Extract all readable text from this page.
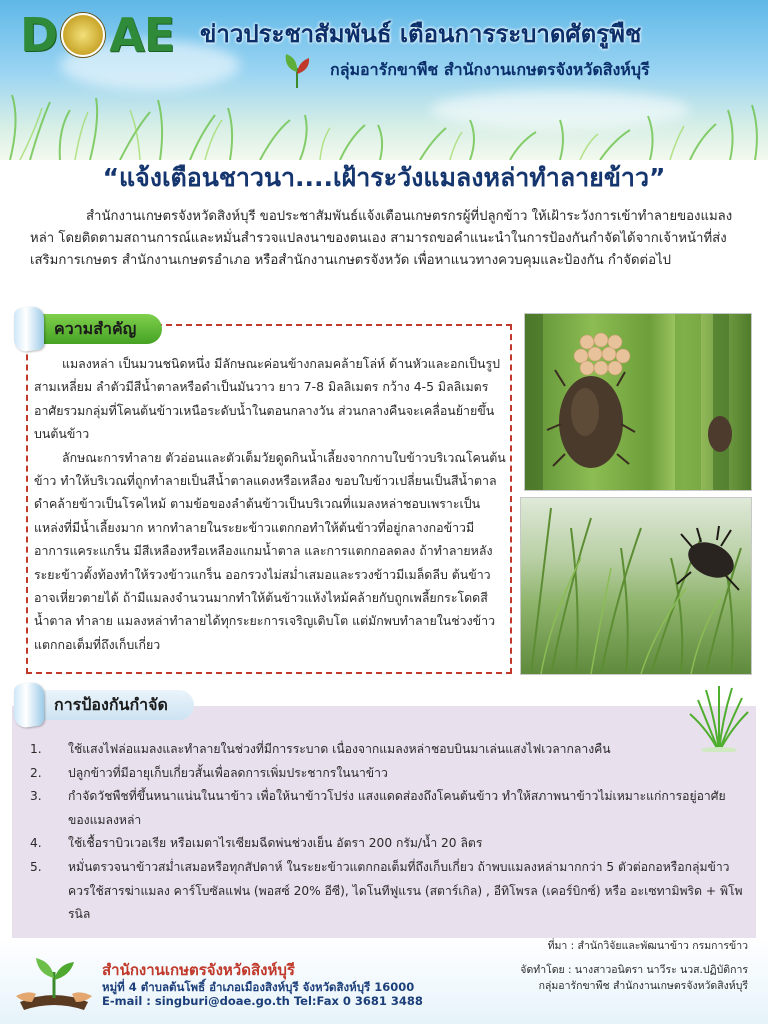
D AE ข่าวประชาสัมพันธ์ เตือนการระบาดศัตรูพืช
กลุ่มอารักขาพืช สำนักงานเกษตรจังหวัดสิงห์บุรี
“แจ้งเตือนชาวนา....เฝ้าระวังแมลงหล่าทำลายข้าว”

สำนักงานเกษตรจังหวัดสิงห์บุรี ขอประชาสัมพันธ์แจ้งเตือนเกษตรกรผู้ที่ปลูกข้าว ให้เฝ้าระวังการเข้าทำลายของแมลงหล่า โดยติดตามสถานการณ์และหมั่นสำรวจแปลงนาของตนเอง สามารถขอคำแนะนำในการป้องกันกำจัดได้จากเจ้าหน้าที่ส่งเสริมการเกษตร สำนักงานเกษตรอำเภอ หรือสำนักงานเกษตรจังหวัด เพื่อหาแนวทางควบคุมและป้องกัน กำจัดต่อไป

ความสำคัญ

แมลงหล่า เป็นมวนชนิดหนึ่ง มีลักษณะค่อนข้างกลมคล้ายโล่ห์ ด้านหัวและอกเป็นรูปสามเหลี่ยม ลำตัวมีสีน้ำตาลหรือดำเป็นมันวาว ยาว 7-8 มิลลิเมตร กว้าง 4-5 มิลลิเมตร อาศัยรวมกลุ่มที่โคนต้นข้าวเหนือระดับน้ำในตอนกลางวัน ส่วนกลางคืนจะเคลื่อนย้ายขึ้นบนต้นข้าว

ลักษณะการทำลาย ตัวอ่อนและตัวเต็มวัยดูดกินน้ำเลี้ยงจากกาบใบข้าวบริเวณโคนต้นข้าว ทำให้บริเวณที่ถูกทำลายเป็นสีน้ำตาลแดงหรือเหลือง ขอบใบข้าวเปลี่ยนเป็นสีน้ำตาลดำคล้ายข้าวเป็นโรคไหม้ ตามข้อของลำต้นข้าวเป็นบริเวณที่แมลงหล่าชอบเพราะเป็นแหล่งที่มีน้ำเลี้ยงมาก หากทำลายในระยะข้าวแตกกอทำให้ต้นข้าวที่อยู่กลางกอข้าวมีอาการแคระแกร็น มีสีเหลืองหรือเหลืองแกมน้ำตาล และการแตกกอลดลง ถ้าทำลายหลังระยะข้าวตั้งท้องทำให้รวงข้าวแกร็น ออกรวงไม่สม่ำเสมอและรวงข้าวมีเมล็ดลีบ ต้นข้าวอาจเหี่ยวตายได้ ถ้ามีแมลงจำนวนมากทำให้ต้นข้าวแห้งไหม้คล้ายกับถูกเพลี้ยกระโดดสีน้ำตาล ทำลาย แมลงหล่าทำลายได้ทุกระยะการเจริญเติบโต แต่มักพบทำลายในช่วงข้าวแตกกอเต็มที่ถึงเก็บเกี่ยว

การป้องกันกำจัด
1.	ใช้แสงไฟล่อแมลงและทำลายในช่วงที่มีการระบาด เนื่องจากแมลงหล่าชอบบินมาเล่นแสงไฟเวลากลางคืน
2.	ปลูกข้าวที่มีอายุเก็บเกี่ยวสั้นเพื่อลดการเพิ่มประชากรในนาข้าว
3.	กำจัดวัชพืชที่ขึ้นหนาแน่นในนาข้าว เพื่อให้นาข้าวโปร่ง แสงแดดส่องถึงโคนต้นข้าว ทำให้สภาพนาข้าวไม่เหมาะแก่การอยู่อาศัยของแมลงหล่า
4.	ใช้เชื้อราบิวเวอเรีย หรือเมตาไรเซียมฉีดพ่นช่วงเย็น อัตรา 200 กรัม/น้ำ 20 ลิตร
5.	หมั่นตรวจนาข้าวสม่ำเสมอหรือทุกสัปดาห์ ในระยะข้าวแตกกอเต็มที่ถึงเก็บเกี่ยว ถ้าพบแมลงหล่ามากกว่า 5 ตัวต่อกอหรือกลุ่มข้าว ควรใช้สารฆ่าแมลง คาร์โบซัลแฟน (พอสซ์ 20% อีซี), ไดโนทีฟูแรน (สตาร์เกิล) , อีทิโพรล (เคอร์บิกซ์) หรือ อะเซทามิพริด + พิโพรนิล
สำนักงานเกษตรจังหวัดสิงห์บุรี
หมู่ที่ 4 ตำบลต้นโพธิ์ อำเภอเมืองสิงห์บุรี จังหวัดสิงห์บุรี 16000
E-mail : singburi@doae.go.th Tel:Fax 0 3681 3488
ที่มา : สำนักวิจัยและพัฒนาข้าว กรมการข้าว
จัดทำโดย : นางสาวอนิตรา นาวีระ นวส.ปฏิบัติการ
กลุ่มอารักขาพืช สำนักงานเกษตรจังหวัดสิงห์บุรี
